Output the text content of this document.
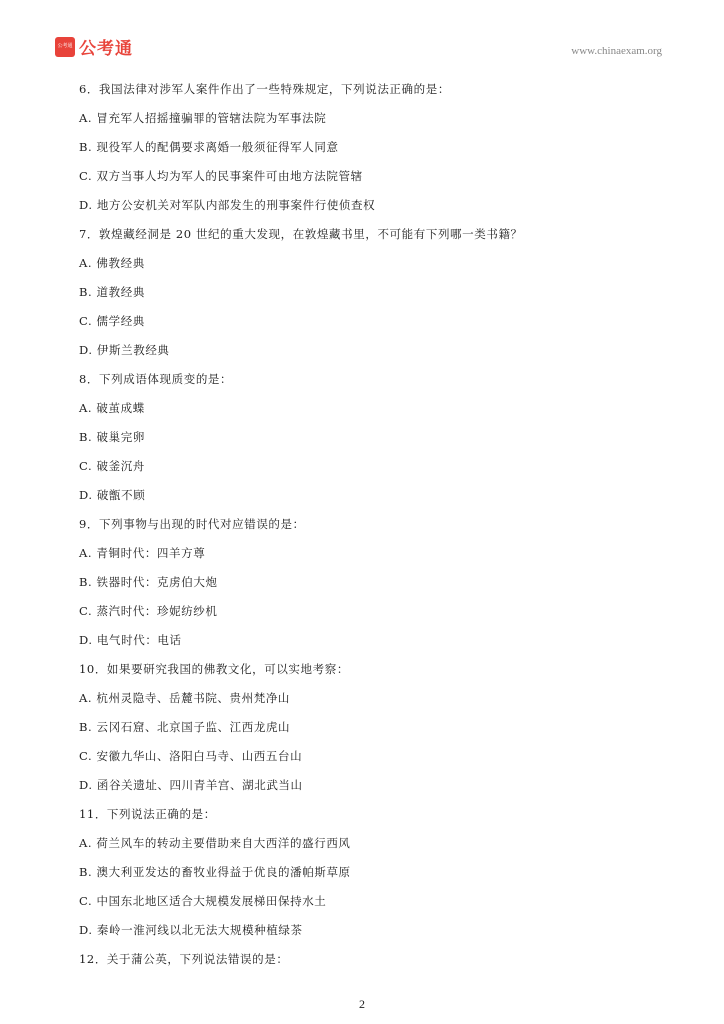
公考通 公考通	www.chinaexam.org
6．我国法律对涉军人案件作出了一些特殊规定，下列说法正确的是：
A. 冒充军人招摇撞骗罪的管辖法院为军事法院
B. 现役军人的配偶要求离婚一般须征得军人同意
C. 双方当事人均为军人的民事案件可由地方法院管辖
D. 地方公安机关对军队内部发生的刑事案件行使侦查权
7．敦煌藏经洞是 20 世纪的重大发现，在敦煌藏书里，不可能有下列哪一类书籍？
A. 佛教经典
B. 道教经典
C. 儒学经典
D. 伊斯兰教经典
8．下列成语体现质变的是：
A. 破茧成蝶
B. 破巢完卵
C. 破釜沉舟
D. 破甑不顾
9．下列事物与出现的时代对应错误的是：
A. 青铜时代：四羊方尊
B. 铁器时代：克虏伯大炮
C. 蒸汽时代：珍妮纺纱机
D. 电气时代：电话
10．如果要研究我国的佛教文化，可以实地考察：
A. 杭州灵隐寺、岳麓书院、贵州梵净山
B. 云冈石窟、北京国子监、江西龙虎山
C. 安徽九华山、洛阳白马寺、山西五台山
D. 函谷关遗址、四川青羊宫、湖北武当山
11．下列说法正确的是：
A. 荷兰风车的转动主要借助来自大西洋的盛行西风
B. 澳大利亚发达的畜牧业得益于优良的潘帕斯草原
C. 中国东北地区适合大规模发展梯田保持水土
D. 秦岭一淮河线以北无法大规模种植绿茶
12．关于蒲公英，下列说法错误的是：
2
